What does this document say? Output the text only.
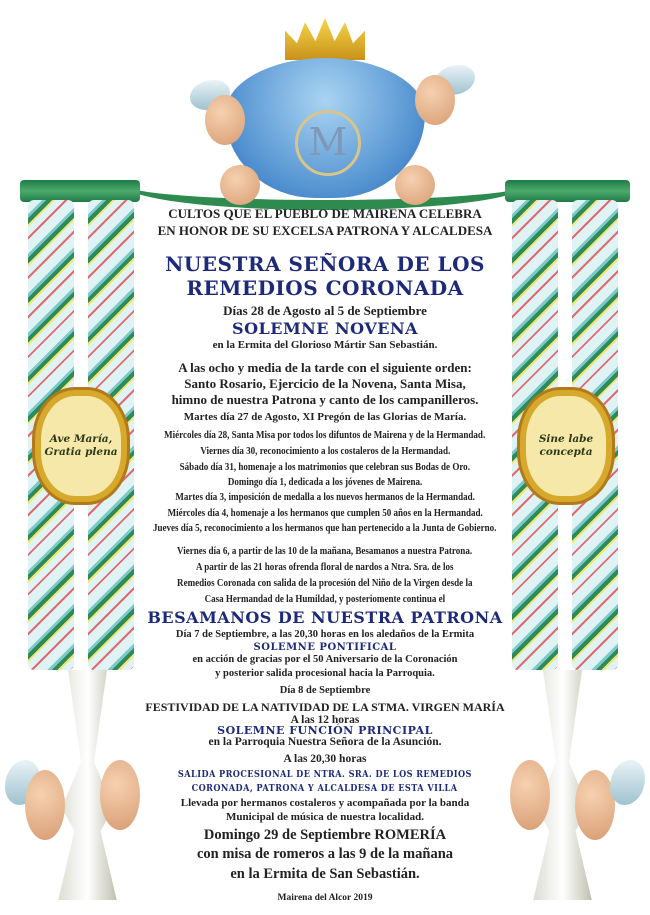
M
Ave María,
Gratia plena
Sine labe
concepta
CULTOS QUE EL PUEBLO DE MAIRENA CELEBRA
EN HONOR DE SU EXCELSA PATRONA Y ALCALDESA
NUESTRA SEÑORA DE LOS
REMEDIOS CORONADA
Días 28 de Agosto al 5 de Septiembre
SOLEMNE NOVENA
en la Ermita del Glorioso Mártir San Sebastián.
A las ocho y media de la tarde con el siguiente orden:
Santo Rosario, Ejercicio de la Novena, Santa Misa,
himno de nuestra Patrona y canto de los campanilleros.
Martes día 27 de Agosto, XI Pregón de las Glorias de María.
Miércoles día 28, Santa Misa por todos los difuntos de Mairena y de la Hermandad.
Viernes día 30, reconocimiento a los costaleros de la Hermandad.
Sábado día 31, homenaje a los matrimonios que celebran sus Bodas de Oro.
Domingo día 1, dedicada a los jóvenes de Mairena.
Martes día 3, imposición de medalla a los nuevos hermanos de la Hermandad.
Miércoles día 4, homenaje a los hermanos que cumplen 50 años en la Hermandad.
Jueves día 5, reconocimiento a los hermanos que han pertenecido a la Junta de Gobierno.
Viernes día 6, a partir de las 10 de la mañana, Besamanos a nuestra Patrona.
A partir de las 21 horas ofrenda floral de nardos a Ntra. Sra. de los
Remedios Coronada con salida de la procesión del Niño de la Virgen desde la
Casa Hermandad de la Humildad, y posteriomente continua el
BESAMANOS DE NUESTRA PATRONA
Día 7 de Septiembre, a las 20,30 horas en los aledaños de la Ermita
SOLEMNE PONTIFICAL
en acción de gracias por el 50 Aniversario de la Coronación
y posterior salida procesional hacia la Parroquia.
Día 8 de Septiembre
FESTIVIDAD DE LA NATIVIDAD DE LA STMA. VIRGEN MARÍA
A las 12 horas
SOLEMNE FUNCIÓN PRINCIPAL
en la Parroquia Nuestra Señora de la Asunción.
A las 20,30 horas
SALIDA PROCESIONAL DE NTRA. SRA. DE LOS REMEDIOS
CORONADA, PATRONA Y ALCALDESA DE ESTA VILLA
Llevada por hermanos costaleros y acompañada por la banda
Municipal de música de nuestra localidad.
Domingo 29 de Septiembre ROMERÍA
con misa de romeros a las 9 de la mañana
en la Ermita de San Sebastián.
Mairena del Alcor 2019
